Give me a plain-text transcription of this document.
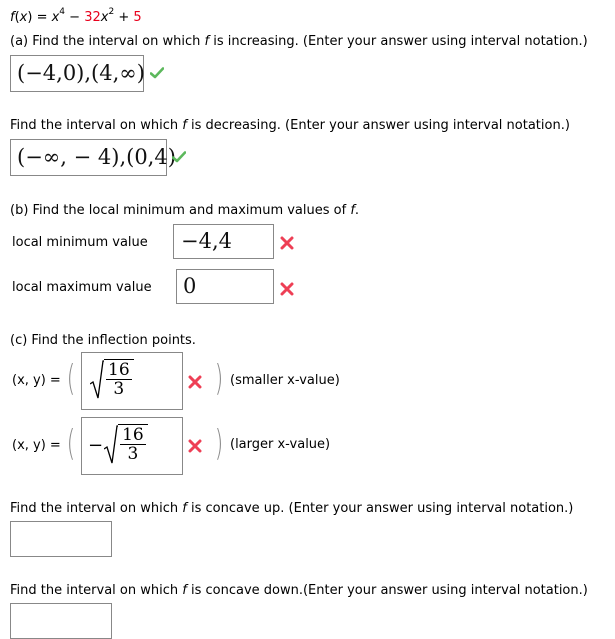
$f(x) = x^4 - 32x^2 + 5$
(a) Find the interval on which f is increasing. (Enter your answer using interval notation.)
(−4,0),(4,∞)
Find the interval on which f is decreasing. (Enter your answer using interval notation.)
(−∞, − 4),(0,4)
(b) Find the local minimum and maximum values of f.
local minimum value −4,4
local maximum value 0
(c) Find the inflection points.
(x, y) = ( $\frac{16}{3}$ ) (smaller x-value)
(x, y) = ( − $\frac{16}{3}$ ) (larger x-value)
Find the interval on which f is concave up. (Enter your answer using interval notation.)
Find the interval on which f is concave down.(Enter your answer using interval notation.)
